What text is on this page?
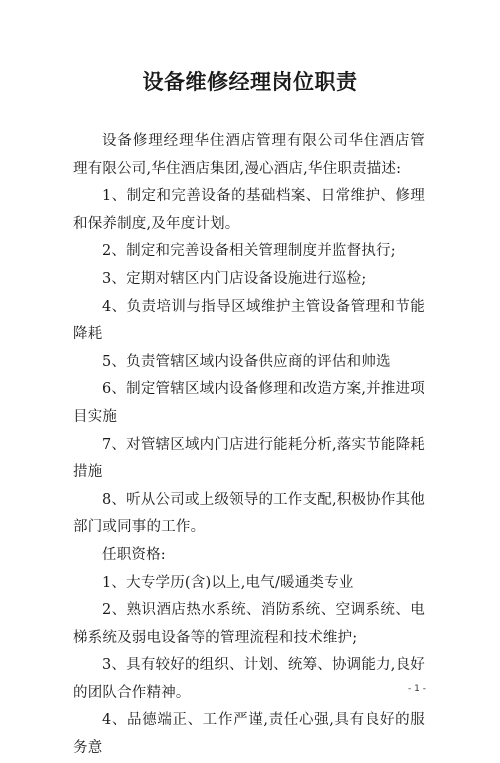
设备维修经理岗位职责

设备修理经理华住酒店管理有限公司华住酒店管理有限公司,华住酒店集团,漫心酒店,华住职责描述:

1、制定和完善设备的基础档案、日常维护、修理和保养制度,及年度计划。

2、制定和完善设备相关管理制度并监督执行;

3、定期对辖区内门店设备设施进行巡检;

4、负责培训与指导区域维护主管设备管理和节能降耗

5、负责管辖区域内设备供应商的评估和帅选

6、制定管辖区域内设备修理和改造方案,并推进项目实施

7、对管辖区域内门店进行能耗分析,落实节能降耗措施

8、听从公司或上级领导的工作支配,积极协作其他部门或同事的工作。

任职资格:

1、大专学历(含)以上,电气/暖通类专业

2、熟识酒店热水系统、消防系统、空调系统、电梯系统及弱电设备等的管理流程和技术维护;

3、具有较好的组织、计划、统筹、协调能力,良好的团队合作精神。

4、品德端正、工作严谨,责任心强,具有良好的服务意

- 1 -
